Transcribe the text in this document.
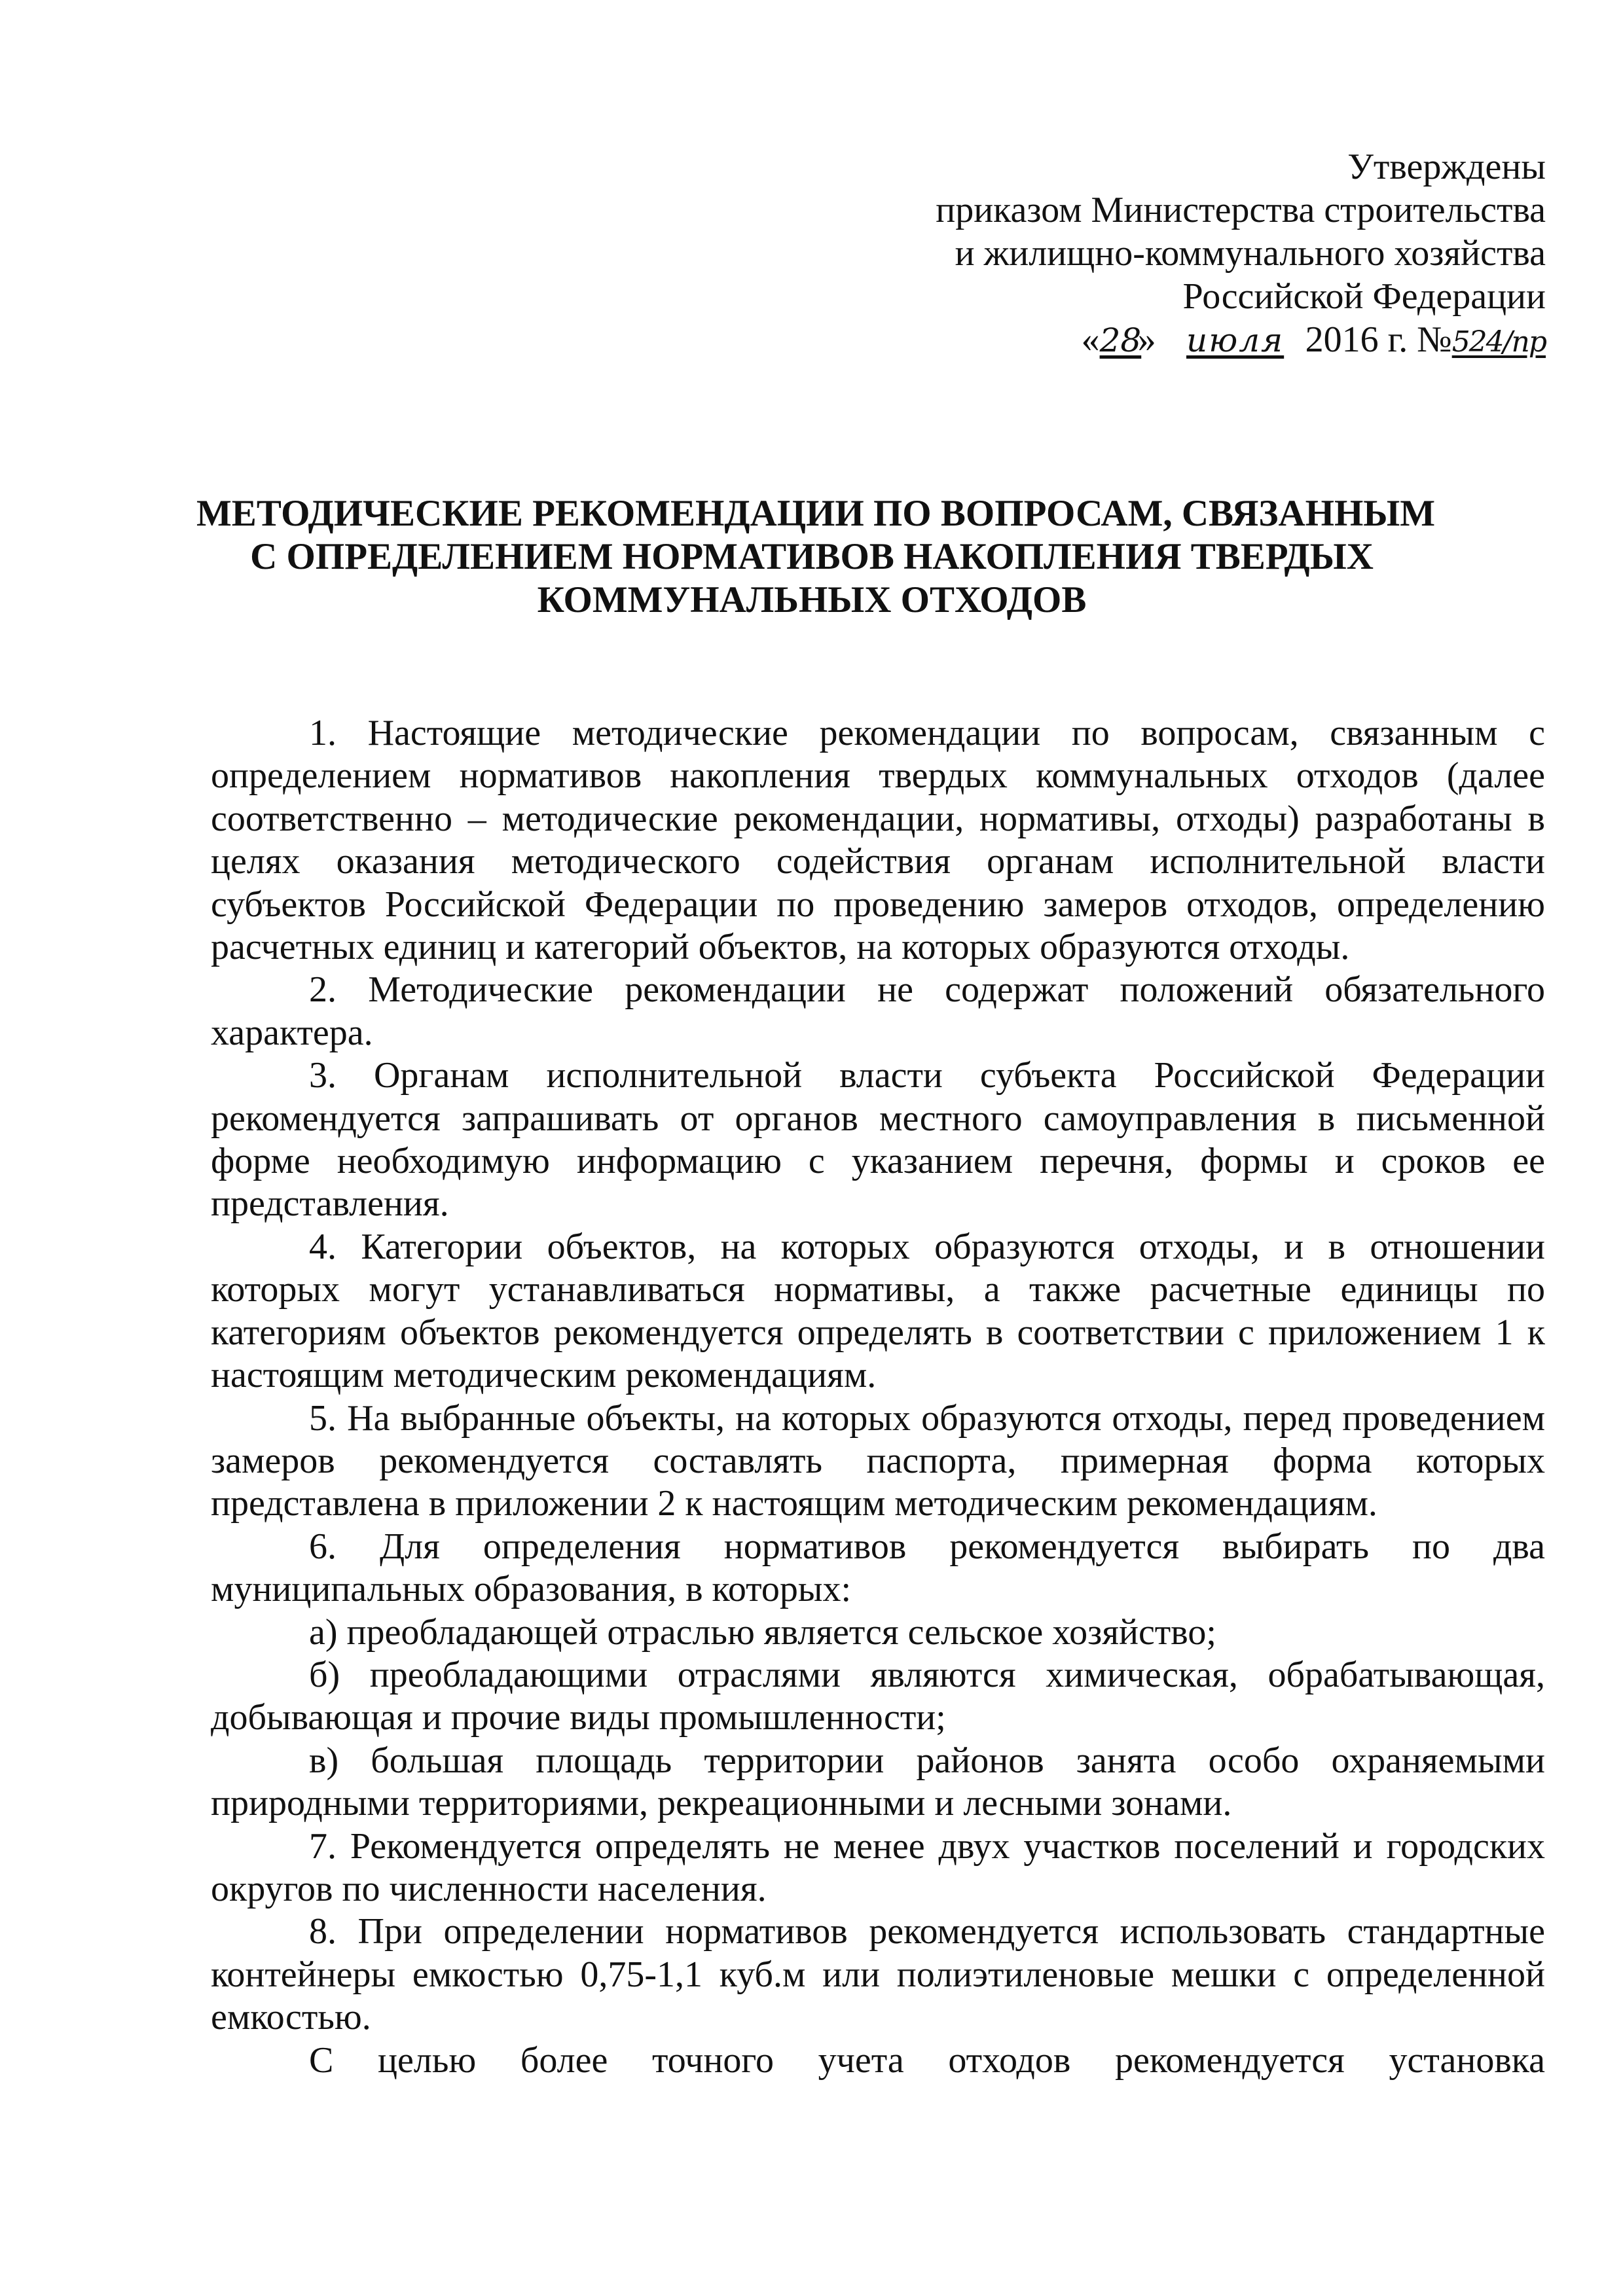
Утверждены
приказом Министерства строительства
и жилищно-коммунального хозяйства
Российской Федерации
«28» июля 2016 г. №524/пр
МЕТОДИЧЕСКИЕ РЕКОМЕНДАЦИИ ПО ВОПРОСАМ, СВЯЗАННЫМ
С ОПРЕДЕЛЕНИЕМ НОРМАТИВОВ НАКОПЛЕНИЯ ТВЕРДЫХ
КОММУНАЛЬНЫХ ОТХОДОВ

1. Настоящие методические рекомендации по вопросам, связанным с определением нормативов накопления твердых коммунальных отходов (далее соответственно – методические рекомендации, нормативы, отходы) разработаны в целях оказания методического содействия органам исполнительной власти субъектов Российской Федерации по проведению замеров отходов, определению расчетных единиц и категорий объектов, на которых образуются отходы.

2. Методические рекомендации не содержат положений обязательного характера.

3. Органам исполнительной власти субъекта Российской Федерации рекомендуется запрашивать от органов местного самоуправления в письменной форме необходимую информацию с указанием перечня, формы и сроков ее представления.

4. Категории объектов, на которых образуются отходы, и в отношении которых могут устанавливаться нормативы, а также расчетные единицы по категориям объектов рекомендуется определять в соответствии с приложением 1 к настоящим методическим рекомендациям.

5. На выбранные объекты, на которых образуются отходы, перед проведением замеров рекомендуется составлять паспорта, примерная форма которых представлена в приложении 2 к настоящим методическим рекомендациям.

6. Для определения нормативов рекомендуется выбирать по два муниципальных образования, в которых:

а) преобладающей отраслью является сельское хозяйство;

б) преобладающими отраслями являются химическая, обрабатывающая, добывающая и прочие виды промышленности;

в) большая площадь территории районов занята особо охраняемыми природными территориями, рекреационными и лесными зонами.

7. Рекомендуется определять не менее двух участков поселений и городских округов по численности населения.

8. При определении нормативов рекомендуется использовать стандартные контейнеры емкостью 0,75-1,1 куб.м или полиэтиленовые мешки с определенной емкостью.

С целью более точного учета отходов рекомендуется установка
